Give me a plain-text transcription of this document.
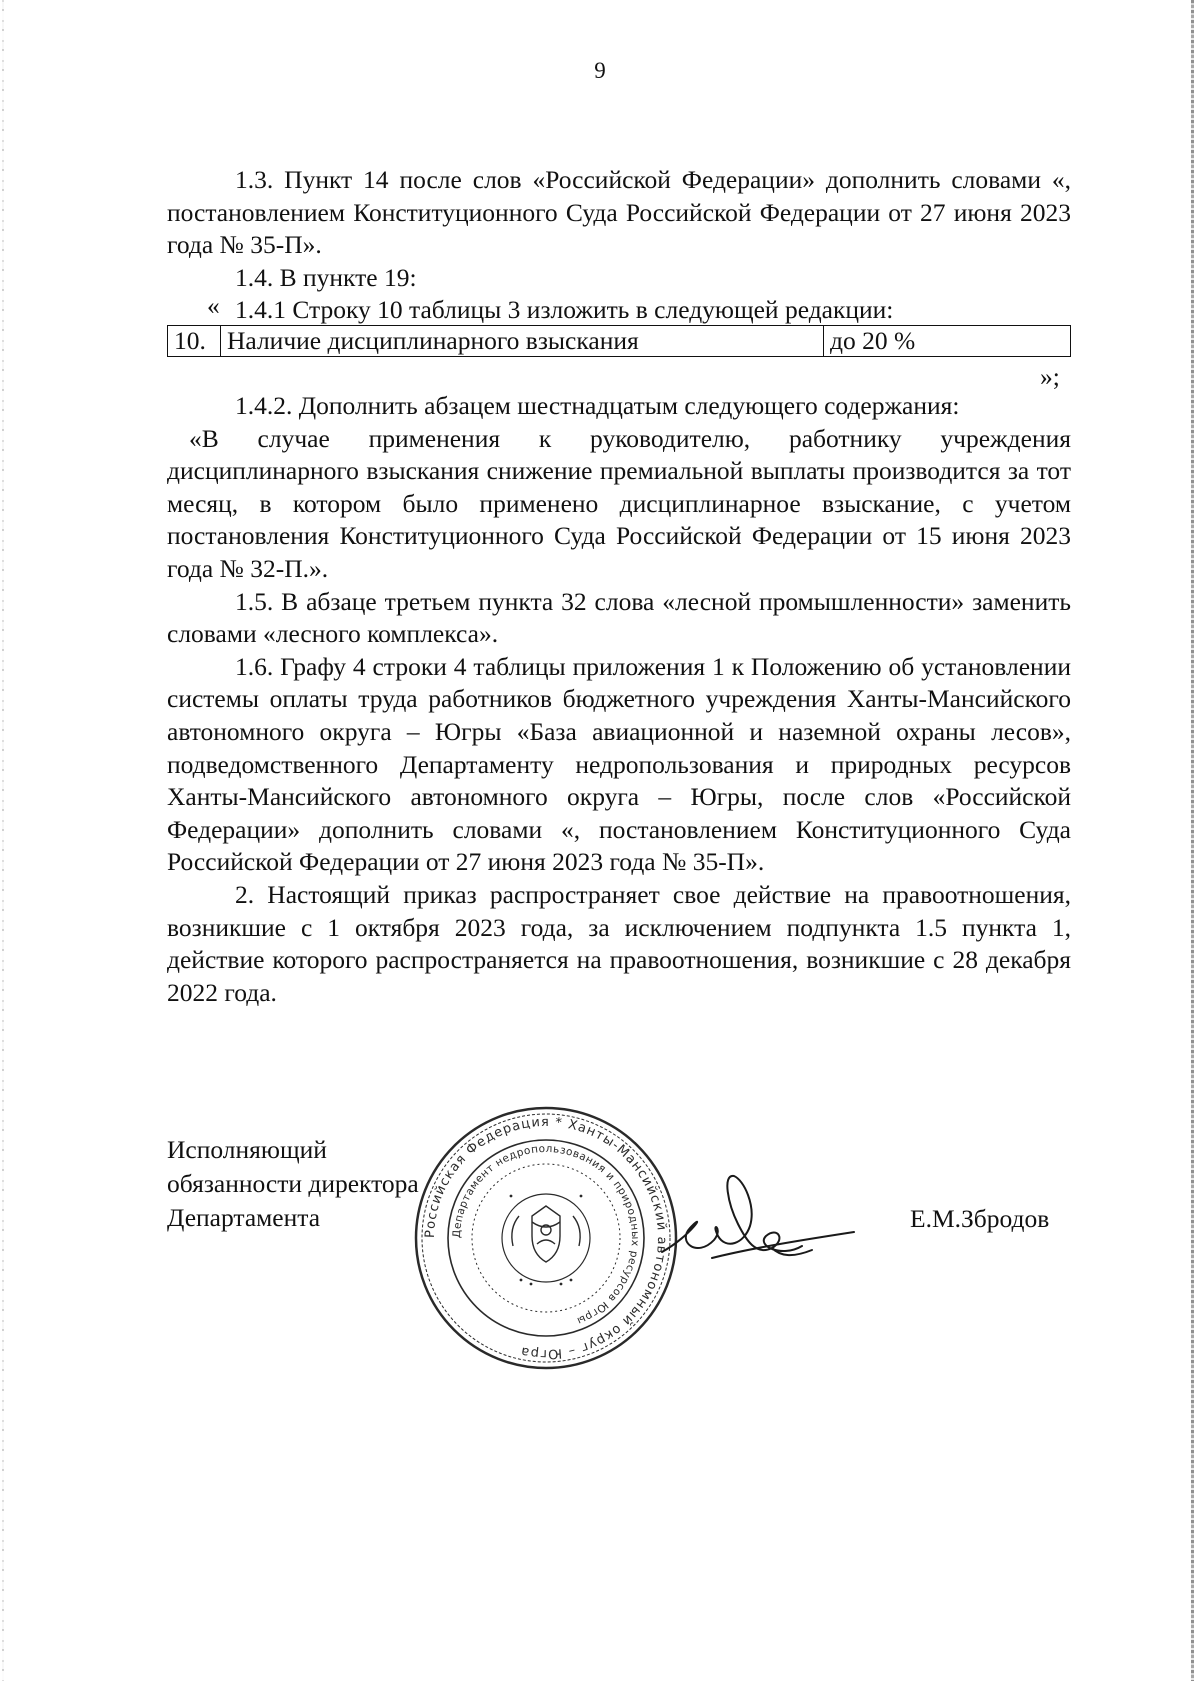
9

1.3. Пункт 14 после слов «Российской Федерации» дополнить словами «, постановлением Конституционного Суда Российской Федерации от 27 июня 2023 года № 35-П».

1.4. В пункте 19:

1.4.1 Строку 10 таблицы 3 изложить в следующей редакции:

«
10.	Наличие дисциплинарного взыскания	до 20 %
»;

1.4.2. Дополнить абзацем шестнадцатым следующего содержания:

«В случае применения к руководителю, работнику учреждения дисциплинарного взыскания снижение премиальной выплаты производится за тот месяц, в котором было применено дисциплинарное взыскание, с учетом постановления Конституционного Суда Российской Федерации от 15 июня 2023 года № 32-П.».

1.5. В абзаце третьем пункта 32 слова «лесной промышленности» заменить словами «лесного комплекса».

1.6. Графу 4 строки 4 таблицы приложения 1 к Положению об установлении системы оплаты труда работников бюджетного учреждения Ханты-Мансийского автономного округа – Югры «База авиационной и наземной охраны лесов», подведомственного Департаменту недропользования и природных ресурсов Ханты-Мансийского автономного округа – Югры, после слов «Российской Федерации» дополнить словами «, постановлением Конституционного Суда Российской Федерации от 27 июня 2023 года № 35-П».

2. Настоящий приказ распространяет свое действие на правоотношения, возникшие с 1 октября 2023 года, за исключением подпункта 1.5 пункта 1, действие которого распространяется на правоотношения, возникшие с 28 декабря 2022 года.

Исполняющий
обязанности директора
Департамента
Российская Федерация * Ханты-Мансийский автономный округ – Югра
Департамент недропользования и природных ресурсов Югры
Е.М.Збродов
